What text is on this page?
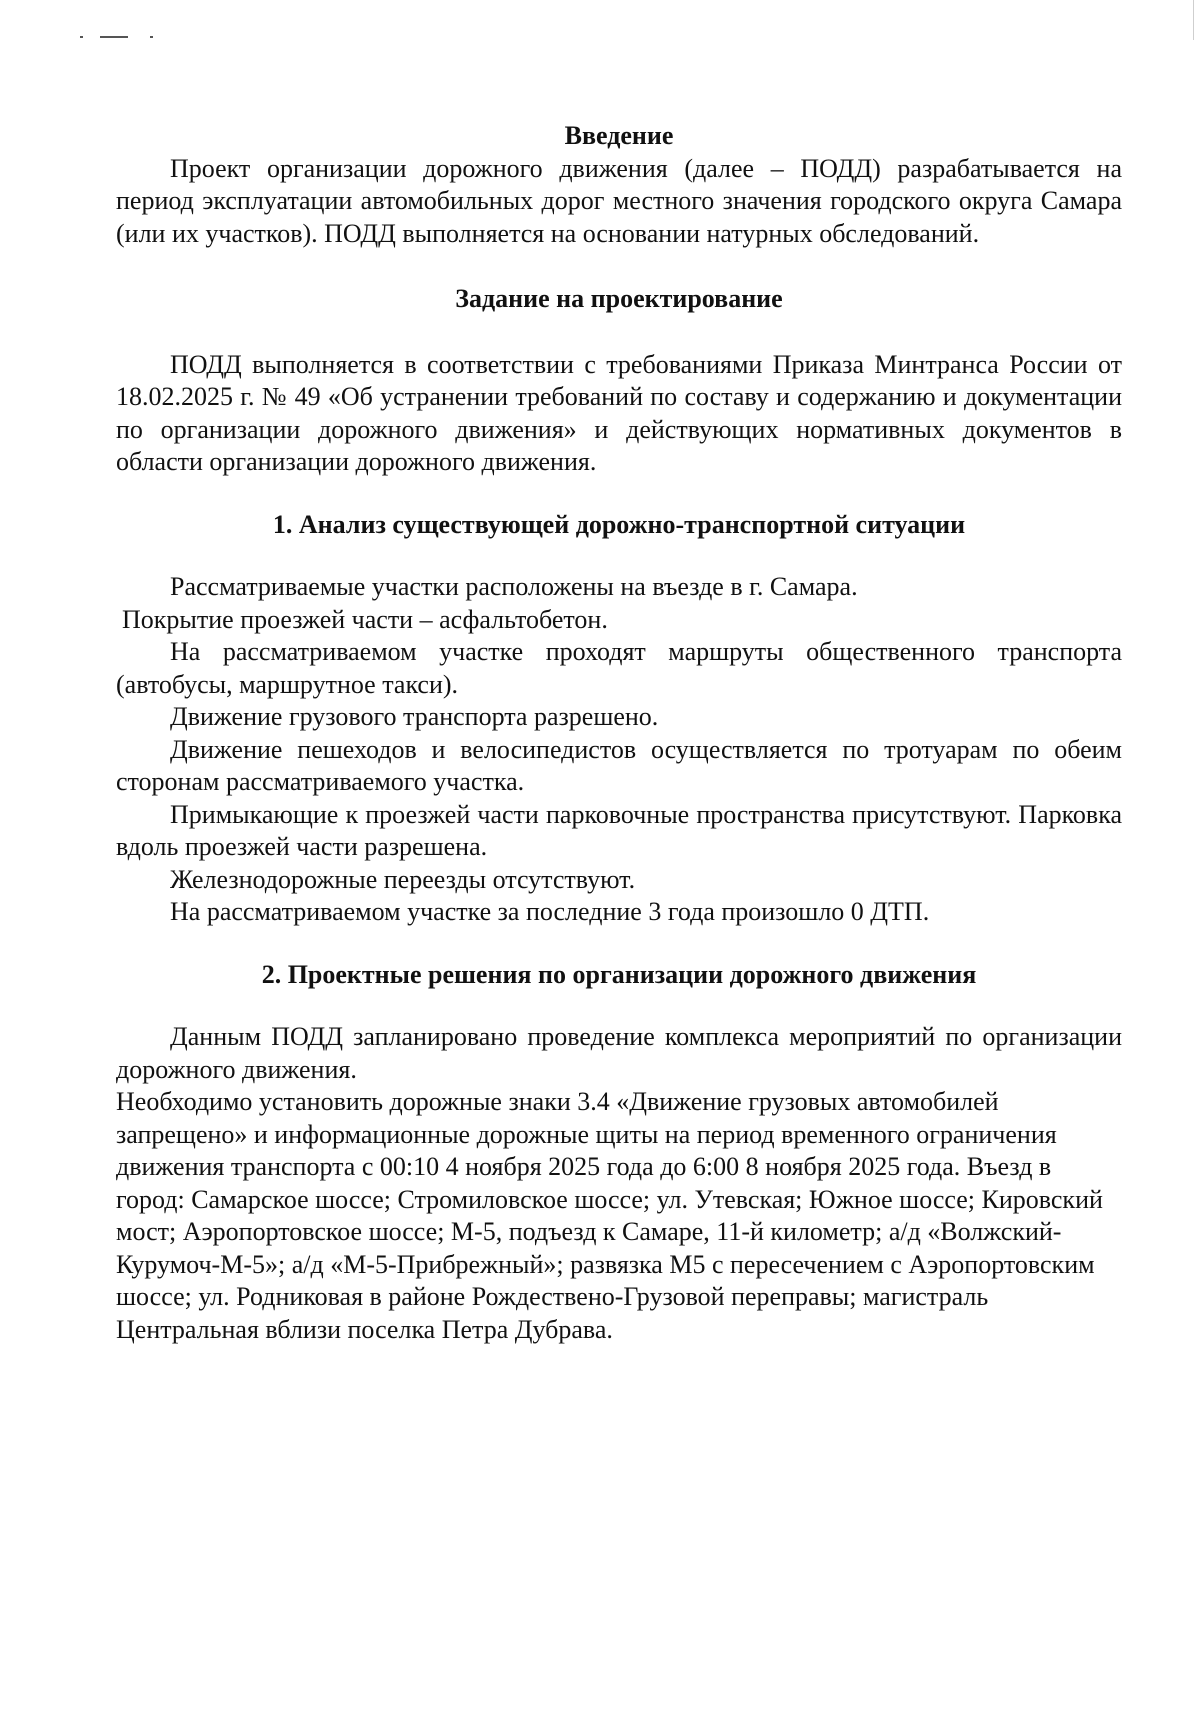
Введение

Проект организации дорожного движения (далее – ПОДД) разрабатывается на период эксплуатации автомобильных дорог местного значения городского округа Самара (или их участков). ПОДД выполняется на основании натурных обследований.

Задание на проектирование

ПОДД выполняется в соответствии с требованиями Приказа Минтранса России от 18.02.2025 г. № 49 «Об устранении требований по составу и содержанию и документации по организации дорожного движения» и действующих нормативных документов в области организации дорожного движения.

1. Анализ существующей дорожно-транспортной ситуации

Рассматриваемые участки расположены на въезде в г. Самара.

Покрытие проезжей части – асфальтобетон.

На рассматриваемом участке проходят маршруты общественного транспорта (автобусы, маршрутное такси).

Движение грузового транспорта разрешено.

Движение пешеходов и велосипедистов осуществляется по тротуарам по обеим сторонам рассматриваемого участка.

Примыкающие к проезжей части парковочные пространства присутствуют. Парковка вдоль проезжей части разрешена.

Железнодорожные переезды отсутствуют.

На рассматриваемом участке за последние 3 года произошло 0 ДТП.

2. Проектные решения по организации дорожного движения

Данным ПОДД запланировано проведение комплекса мероприятий по организации дорожного движения.

Необходимо установить дорожные знаки 3.4 «Движение грузовых автомобилей запрещено» и информационные дорожные щиты на период временного ограничения движения транспорта с 00:10 4 ноября 2025 года до 6:00 8 ноября 2025 года. Въезд в город: Самарское шоссе; Стромиловское шоссе; ул. Утевская; Южное шоссе; Кировский мост; Аэропортовское шоссе; М-5, подъезд к Самаре, 11-й километр; а/д «Волжский-Курумоч-М-5»; а/д «М-5-Прибрежный»; развязка М5 с пересечением с Аэропортовским шоссе; ул. Родниковая в районе Рождествено-Грузовой переправы; магистраль Центральная вблизи поселка Петра Дубрава.
